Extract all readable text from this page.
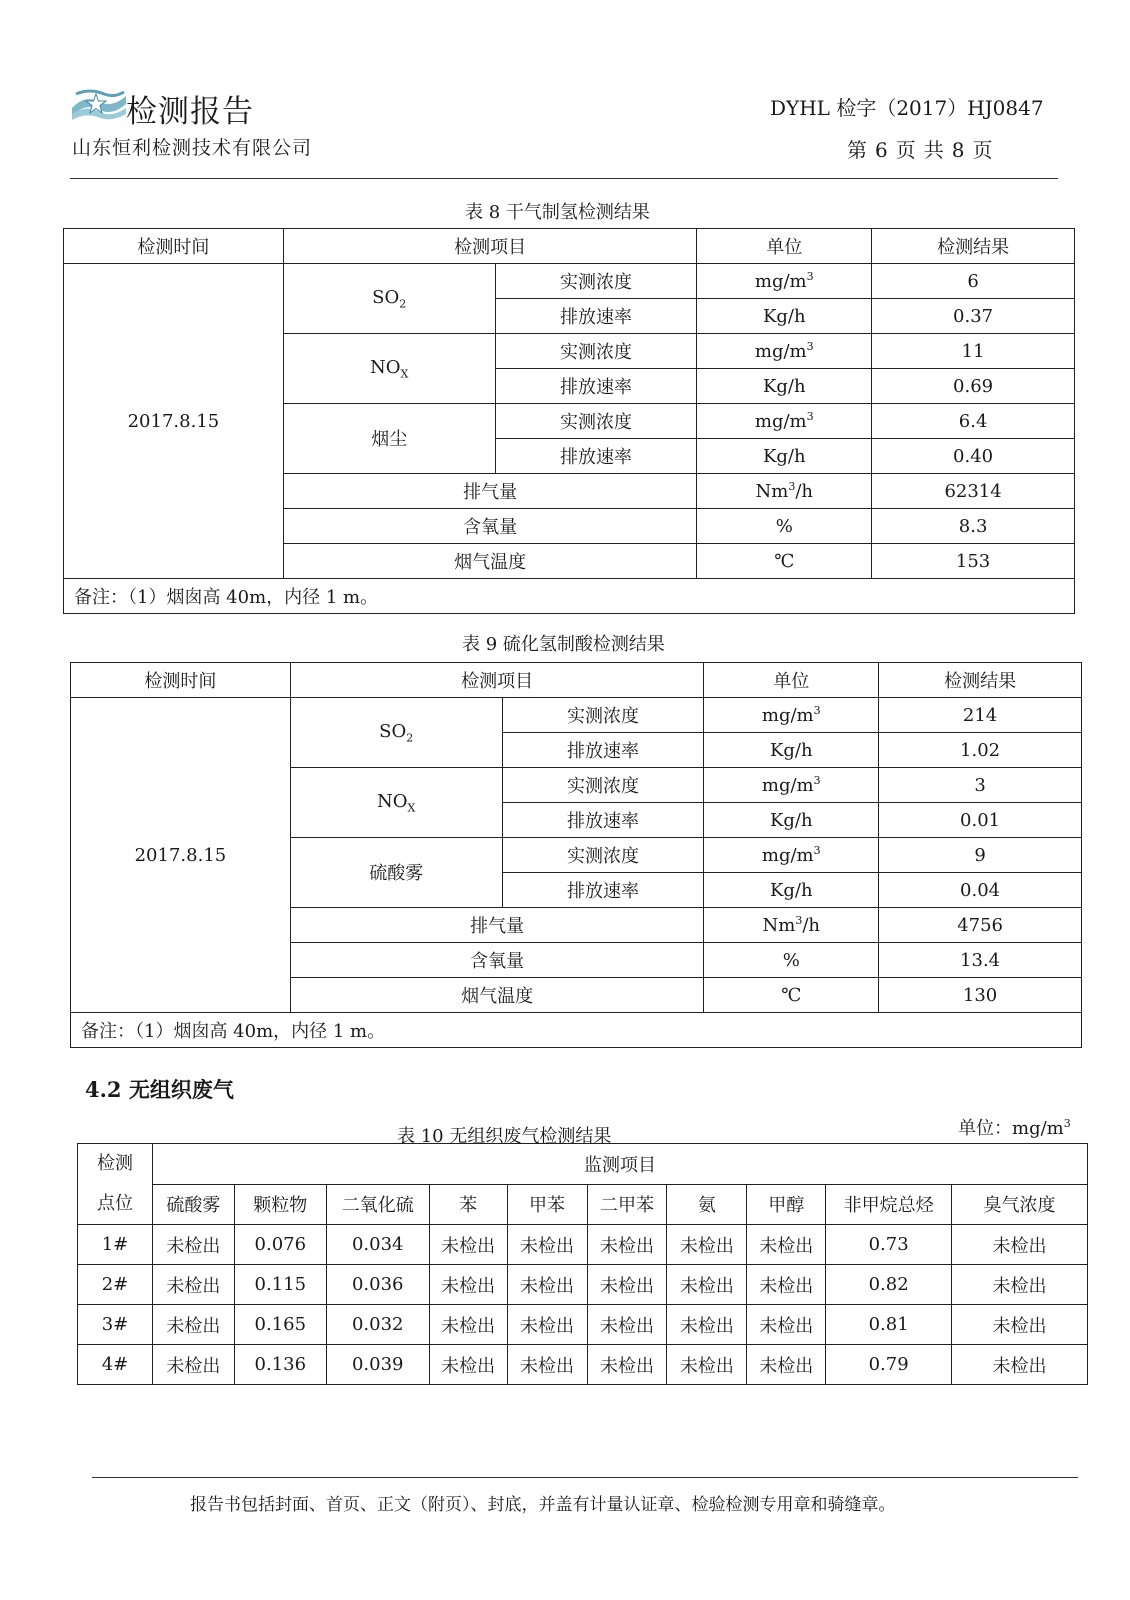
检测报告
山东恒利检测技术有限公司
DYHL 检字（2017）HJ0847
第 6 页 共 8 页
表 8 干气制氢检测结果
检测时间	检测项目		单位	检测结果
2017.8.15	$SO_2$	实测浓度	$mg/m^3$	6
		排放速率	Kg/h	0.37
	$NO_X$	实测浓度	$mg/m^3$	11
		排放速率	Kg/h	0.69
	烟尘	实测浓度	$mg/m^3$	6.4
		排放速率	Kg/h	0.40
	排气量		Nm$^3$/h	62314
	含氧量		%	8.3
	烟气温度		℃	153
备注：（1）烟囱高 40m，内径 1 m。				
表 9 硫化氢制酸检测结果
检测时间	检测项目		单位	检测结果
2017.8.15	$SO_2$	实测浓度	$mg/m^3$	214
		排放速率	Kg/h	1.02
	$NO_X$	实测浓度	$mg/m^3$	3
		排放速率	Kg/h	0.01
	硫酸雾	实测浓度	$mg/m^3$	9
		排放速率	Kg/h	0.04
	排气量		Nm$^3$/h	4756
	含氧量		%	13.4
	烟气温度		℃	130
备注：（1）烟囱高 40m，内径 1 m。				
4.2 无组织废气
表 10 无组织废气检测结果	单位：$mg/m^3$
检测
点位	监测项目									
	硫酸雾	颗粒物	二氧化硫	苯	甲苯	二甲苯	氨	甲醇	非甲烷总烃	臭气浓度
1#	未检出	0.076	0.034	未检出	未检出	未检出	未检出	未检出	0.73	未检出
2#	未检出	0.115	0.036	未检出	未检出	未检出	未检出	未检出	0.82	未检出
3#	未检出	0.165	0.032	未检出	未检出	未检出	未检出	未检出	0.81	未检出
4#	未检出	0.136	0.039	未检出	未检出	未检出	未检出	未检出	0.79	未检出
报告书包括封面、首页、正文（附页）、封底，并盖有计量认证章、检验检测专用章和骑缝章。
